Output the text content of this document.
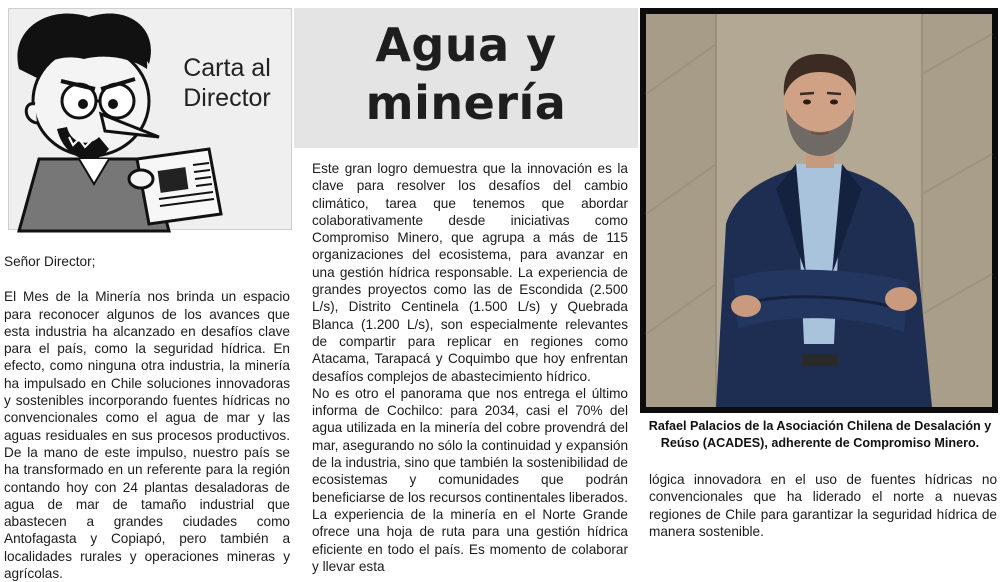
Carta al
Director
Agua y
minería

Señor Director;

El Mes de la Minería nos brinda un espacio para reconocer algunos de los avances que esta industria ha alcanzado en desafíos clave para el país, como la seguridad hídrica. En efecto, como ninguna otra industria, la minería ha impulsado en Chile soluciones innovadoras y sostenibles incorporando fuentes hídricas no convencionales como el agua de mar y las aguas residuales en sus procesos productivos. De la mano de este impulso, nuestro país se ha transformado en un referente para la región contando hoy con 24 plantas desaladoras de agua de mar de tamaño industrial que abastecen a grandes ciudades como Antofagasta y Copiapó, pero también a localidades rurales y operaciones mineras y agrícolas.

Este gran logro demuestra que la innovación es la clave para resolver los desafíos del cambio climático, tarea que tenemos que abordar colaborativamente desde iniciativas como Compromiso Minero, que agrupa a más de 115 organizaciones del ecosistema, para avanzar en una gestión hídrica responsable. La experiencia de grandes proyectos como las de Escondida (2.500 L/s), Distrito Centinela (1.500 L/s) y Quebrada Blanca (1.200 L/s), son especialmente relevantes de compartir para replicar en regiones como Atacama, Tarapacá y Coquimbo que hoy enfrentan desafíos complejos de abastecimiento hídrico.

No es otro el panorama que nos entrega el último informa de Cochilco: para 2034, casi el 70% del agua utilizada en la minería del cobre provendrá del mar, asegurando no sólo la continuidad y expansión de la industria, sino que también la sostenibilidad de ecosistemas y comunidades que podrán beneficiarse de los recursos continentales liberados.

La experiencia de la minería en el Norte Grande ofrece una hoja de ruta para una gestión hídrica eficiente en todo el país. Es momento de colaborar y llevar esta

Rafael Palacios de la Asociación Chilena de Desalación y Reúso (ACADES), adherente de Compromiso Minero.

lógica innovadora en el uso de fuentes hídricas no convencionales que ha liderado el norte a nuevas regiones de Chile para garantizar la seguridad hídrica de manera sostenible.
